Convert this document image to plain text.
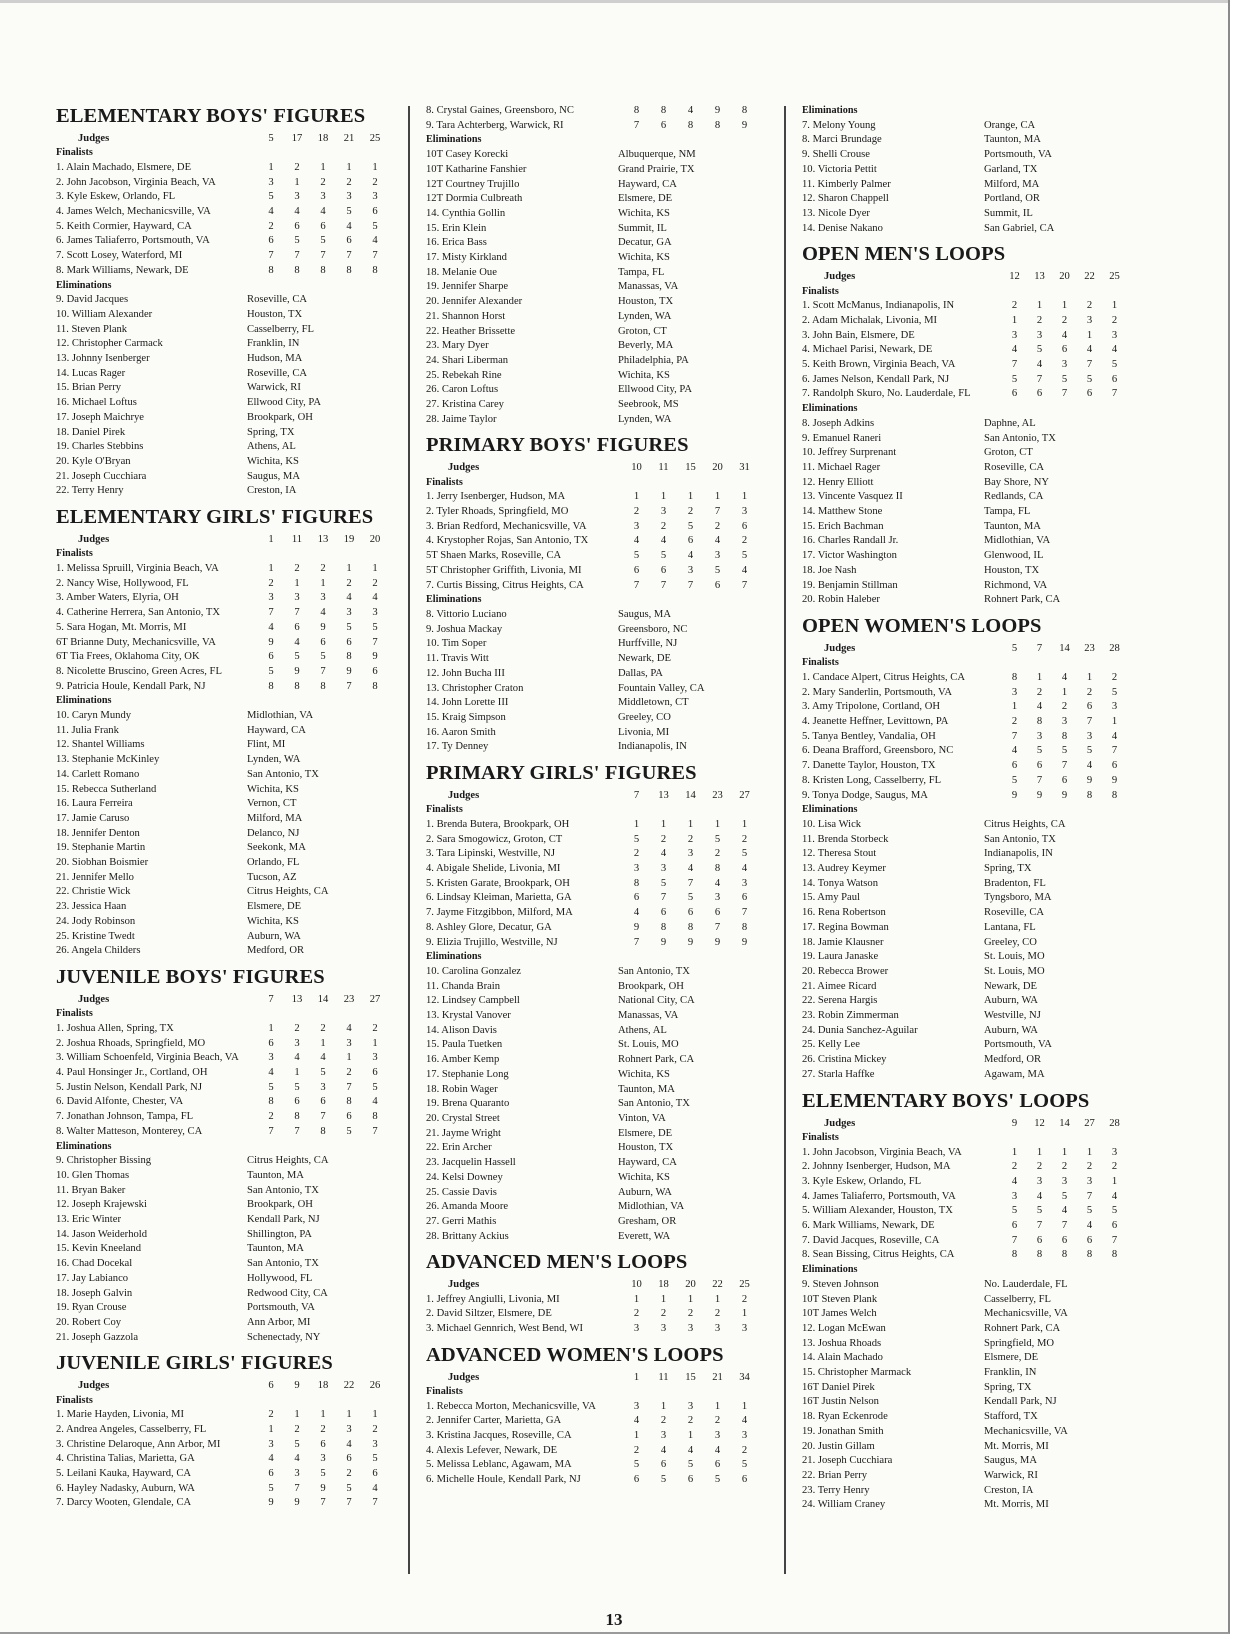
ELEMENTARY BOYS' FIGURES
Judges	5	17	18	21	25
Finalists
1. Alain Machado, Elsmere, DE	1	2	1	1	1
2. John Jacobson, Virginia Beach, VA	3	1	2	2	2
3. Kyle Eskew, Orlando, FL	5	3	3	3	3
4. James Welch, Mechanicsville, VA	4	4	4	5	6
5. Keith Cormier, Hayward, CA	2	6	6	4	5
6. James Taliaferro, Portsmouth, VA	6	5	5	6	4
7. Scott Losey, Waterford, MI	7	7	7	7	7
8. Mark Williams, Newark, DE	8	8	8	8	8
Eliminations
9. David Jacques	Roseville, CA
10. William Alexander	Houston, TX
11. Steven Plank	Casselberry, FL
12. Christopher Carmack	Franklin, IN
13. Johnny Isenberger	Hudson, MA
14. Lucas Rager	Roseville, CA
15. Brian Perry	Warwick, RI
16. Michael Loftus	Ellwood City, PA
17. Joseph Maichrye	Brookpark, OH
18. Daniel Pirek	Spring, TX
19. Charles Stebbins	Athens, AL
20. Kyle O'Bryan	Wichita, KS
21. Joseph Cucchiara	Saugus, MA
22. Terry Henry	Creston, IA
ELEMENTARY GIRLS' FIGURES
Judges	1	11	13	19	20
Finalists
1. Melissa Spruill, Virginia Beach, VA	1	2	2	1	1
2. Nancy Wise, Hollywood, FL	2	1	1	2	2
3. Amber Waters, Elyria, OH	3	3	3	4	4
4. Catherine Herrera, San Antonio, TX	7	7	4	3	3
5. Sara Hogan, Mt. Morris, MI	4	6	9	5	5
6T Brianne Duty, Mechanicsville, VA	9	4	6	6	7
6T Tia Frees, Oklahoma City, OK	6	5	5	8	9
8. Nicolette Bruscino, Green Acres, FL	5	9	7	9	6
9. Patricia Houle, Kendall Park, NJ	8	8	8	7	8
Eliminations
10. Caryn Mundy	Midlothian, VA
11. Julia Frank	Hayward, CA
12. Shantel Williams	Flint, MI
13. Stephanie McKinley	Lynden, WA
14. Carlett Romano	San Antonio, TX
15. Rebecca Sutherland	Wichita, KS
16. Laura Ferreira	Vernon, CT
17. Jamie Caruso	Milford, MA
18. Jennifer Denton	Delanco, NJ
19. Stephanie Martin	Seekonk, MA
20. Siobhan Boismier	Orlando, FL
21. Jennifer Mello	Tucson, AZ
22. Christie Wick	Citrus Heights, CA
23. Jessica Haan	Elsmere, DE
24. Jody Robinson	Wichita, KS
25. Kristine Twedt	Auburn, WA
26. Angela Childers	Medford, OR
JUVENILE BOYS' FIGURES
Judges	7	13	14	23	27
Finalists
1. Joshua Allen, Spring, TX	1	2	2	4	2
2. Joshua Rhoads, Springfield, MO	6	3	1	3	1
3. William Schoenfeld, Virginia Beach, VA	3	4	4	1	3
4. Paul Honsinger Jr., Cortland, OH	4	1	5	2	6
5. Justin Nelson, Kendall Park, NJ	5	5	3	7	5
6. David Alfonte, Chester, VA	8	6	6	8	4
7. Jonathan Johnson, Tampa, FL	2	8	7	6	8
8. Walter Matteson, Monterey, CA	7	7	8	5	7
Eliminations
9. Christopher Bissing	Citrus Heights, CA
10. Glen Thomas	Taunton, MA
11. Bryan Baker	San Antonio, TX
12. Joseph Krajewski	Brookpark, OH
13. Eric Winter	Kendall Park, NJ
14. Jason Weiderhold	Shillington, PA
15. Kevin Kneeland	Taunton, MA
16. Chad Docekal	San Antonio, TX
17. Jay Labianco	Hollywood, FL
18. Joseph Galvin	Redwood City, CA
19. Ryan Crouse	Portsmouth, VA
20. Robert Coy	Ann Arbor, MI
21. Joseph Gazzola	Schenectady, NY
JUVENILE GIRLS' FIGURES
Judges	6	9	18	22	26
Finalists
1. Marie Hayden, Livonia, MI	2	1	1	1	1
2. Andrea Angeles, Casselberry, FL	1	2	2	3	2
3. Christine Delaroque, Ann Arbor, MI	3	5	6	4	3
4. Christina Talias, Marietta, GA	4	4	3	6	5
5. Leilani Kauka, Hayward, CA	6	3	5	2	6
6. Hayley Nadasky, Auburn, WA	5	7	9	5	4
7. Darcy Wooten, Glendale, CA	9	9	7	7	7
8. Crystal Gaines, Greensboro, NC	8	8	4	9	8
9. Tara Achterberg, Warwick, RI	7	6	8	8	9
Eliminations
10T Casey Korecki	Albuquerque, NM
10T Katharine Fanshier	Grand Prairie, TX
12T Courtney Trujillo	Hayward, CA
12T Dormia Culbreath	Elsmere, DE
14. Cynthia Gollin	Wichita, KS
15. Erin Klein	Summit, IL
16. Erica Bass	Decatur, GA
17. Misty Kirkland	Wichita, KS
18. Melanie Oue	Tampa, FL
19. Jennifer Sharpe	Manassas, VA
20. Jennifer Alexander	Houston, TX
21. Shannon Horst	Lynden, WA
22. Heather Brissette	Groton, CT
23. Mary Dyer	Beverly, MA
24. Shari Liberman	Philadelphia, PA
25. Rebekah Rine	Wichita, KS
26. Caron Loftus	Ellwood City, PA
27. Kristina Carey	Seebrook, MS
28. Jaime Taylor	Lynden, WA
PRIMARY BOYS' FIGURES
Judges	10	11	15	20	31
Finalists
1. Jerry Isenberger, Hudson, MA	1	1	1	1	1
2. Tyler Rhoads, Springfield, MO	2	3	2	7	3
3. Brian Redford, Mechanicsville, VA	3	2	5	2	6
4. Krystopher Rojas, San Antonio, TX	4	4	6	4	2
5T Shaen Marks, Roseville, CA	5	5	4	3	5
5T Christopher Griffith, Livonia, MI	6	6	3	5	4
7. Curtis Bissing, Citrus Heights, CA	7	7	7	6	7
Eliminations
8. Vittorio Luciano	Saugus, MA
9. Joshua Mackay	Greensboro, NC
10. Tim Soper	Hurffville, NJ
11. Travis Witt	Newark, DE
12. John Bucha III	Dallas, PA
13. Christopher Craton	Fountain Valley, CA
14. John Lorette III	Middletown, CT
15. Kraig Simpson	Greeley, CO
16. Aaron Smith	Livonia, MI
17. Ty Denney	Indianapolis, IN
PRIMARY GIRLS' FIGURES
Judges	7	13	14	23	27
Finalists
1. Brenda Butera, Brookpark, OH	1	1	1	1	1
2. Sara Smogowicz, Groton, CT	5	2	2	5	2
3. Tara Lipinski, Westville, NJ	2	4	3	2	5
4. Abigale Shelide, Livonia, MI	3	3	4	8	4
5. Kristen Garate, Brookpark, OH	8	5	7	4	3
6. Lindsay Kleiman, Marietta, GA	6	7	5	3	6
7. Jayme Fitzgibbon, Milford, MA	4	6	6	6	7
8. Ashley Glore, Decatur, GA	9	8	8	7	8
9. Elizia Trujillo, Westville, NJ	7	9	9	9	9
Eliminations
10. Carolina Gonzalez	San Antonio, TX
11. Chanda Brain	Brookpark, OH
12. Lindsey Campbell	National City, CA
13. Krystal Vanover	Manassas, VA
14. Alison Davis	Athens, AL
15. Paula Tuetken	St. Louis, MO
16. Amber Kemp	Rohnert Park, CA
17. Stephanie Long	Wichita, KS
18. Robin Wager	Taunton, MA
19. Brena Quaranto	San Antonio, TX
20. Crystal Street	Vinton, VA
21. Jayme Wright	Elsmere, DE
22. Erin Archer	Houston, TX
23. Jacquelin Hassell	Hayward, CA
24. Kelsi Downey	Wichita, KS
25. Cassie Davis	Auburn, WA
26. Amanda Moore	Midlothian, VA
27. Gerri Mathis	Gresham, OR
28. Brittany Ackius	Everett, WA
ADVANCED MEN'S LOOPS
Judges	10	18	20	22	25
1. Jeffrey Angiulli, Livonia, MI	1	1	1	1	2
2. David Siltzer, Elsmere, DE	2	2	2	2	1
3. Michael Gennrich, West Bend, WI	3	3	3	3	3
ADVANCED WOMEN'S LOOPS
Judges	1	11	15	21	34
Finalists
1. Rebecca Morton, Mechanicsville, VA	3	1	3	1	1
2. Jennifer Carter, Marietta, GA	4	2	2	2	4
3. Kristina Jacques, Roseville, CA	1	3	1	3	3
4. Alexis Lefever, Newark, DE	2	4	4	4	2
5. Melissa Leblanc, Agawam, MA	5	6	5	6	5
6. Michelle Houle, Kendall Park, NJ	6	5	6	5	6
Eliminations
7. Melony Young	Orange, CA
8. Marci Brundage	Taunton, MA
9. Shelli Crouse	Portsmouth, VA
10. Victoria Pettit	Garland, TX
11. Kimberly Palmer	Milford, MA
12. Sharon Chappell	Portland, OR
13. Nicole Dyer	Summit, IL
14. Denise Nakano	San Gabriel, CA
OPEN MEN'S LOOPS
Judges	12	13	20	22	25
Finalists
1. Scott McManus, Indianapolis, IN	2	1	1	2	1
2. Adam Michalak, Livonia, MI	1	2	2	3	2
3. John Bain, Elsmere, DE	3	3	4	1	3
4. Michael Parisi, Newark, DE	4	5	6	4	4
5. Keith Brown, Virginia Beach, VA	7	4	3	7	5
6. James Nelson, Kendall Park, NJ	5	7	5	5	6
7. Randolph Skuro, No. Lauderdale, FL	6	6	7	6	7
Eliminations
8. Joseph Adkins	Daphne, AL
9. Emanuel Raneri	San Antonio, TX
10. Jeffrey Surprenant	Groton, CT
11. Michael Rager	Roseville, CA
12. Henry Elliott	Bay Shore, NY
13. Vincente Vasquez II	Redlands, CA
14. Matthew Stone	Tampa, FL
15. Erich Bachman	Taunton, MA
16. Charles Randall Jr.	Midlothian, VA
17. Victor Washington	Glenwood, IL
18. Joe Nash	Houston, TX
19. Benjamin Stillman	Richmond, VA
20. Robin Haleber	Rohnert Park, CA
OPEN WOMEN'S LOOPS
Judges	5	7	14	23	28
Finalists
1. Candace Alpert, Citrus Heights, CA	8	1	4	1	2
2. Mary Sanderlin, Portsmouth, VA	3	2	1	2	5
3. Amy Tripolone, Cortland, OH	1	4	2	6	3
4. Jeanette Heffner, Levittown, PA	2	8	3	7	1
5. Tanya Bentley, Vandalia, OH	7	3	8	3	4
6. Deana Brafford, Greensboro, NC	4	5	5	5	7
7. Danette Taylor, Houston, TX	6	6	7	4	6
8. Kristen Long, Casselberry, FL	5	7	6	9	9
9. Tonya Dodge, Saugus, MA	9	9	9	8	8
Eliminations
10. Lisa Wick	Citrus Heights, CA
11. Brenda Storbeck	San Antonio, TX
12. Theresa Stout	Indianapolis, IN
13. Audrey Keymer	Spring, TX
14. Tonya Watson	Bradenton, FL
15. Amy Paul	Tyngsboro, MA
16. Rena Robertson	Roseville, CA
17. Regina Bowman	Lantana, FL
18. Jamie Klausner	Greeley, CO
19. Laura Janaske	St. Louis, MO
20. Rebecca Brower	St. Louis, MO
21. Aimee Ricard	Newark, DE
22. Serena Hargis	Auburn, WA
23. Robin Zimmerman	Westville, NJ
24. Dunia Sanchez-Aguilar	Auburn, WA
25. Kelly Lee	Portsmouth, VA
26. Cristina Mickey	Medford, OR
27. Starla Haffke	Agawam, MA
ELEMENTARY BOYS' LOOPS
Judges	9	12	14	27	28
Finalists
1. John Jacobson, Virginia Beach, VA	1	1	1	1	3
2. Johnny Isenberger, Hudson, MA	2	2	2	2	2
3. Kyle Eskew, Orlando, FL	4	3	3	3	1
4. James Taliaferro, Portsmouth, VA	3	4	5	7	4
5. William Alexander, Houston, TX	5	5	4	5	5
6. Mark Williams, Newark, DE	6	7	7	4	6
7. David Jacques, Roseville, CA	7	6	6	6	7
8. Sean Bissing, Citrus Heights, CA	8	8	8	8	8
Eliminations
9. Steven Johnson	No. Lauderdale, FL
10T Steven Plank	Casselberry, FL
10T James Welch	Mechanicsville, VA
12. Logan McEwan	Rohnert Park, CA
13. Joshua Rhoads	Springfield, MO
14. Alain Machado	Elsmere, DE
15. Christopher Marmack	Franklin, IN
16T Daniel Pirek	Spring, TX
16T Justin Nelson	Kendall Park, NJ
18. Ryan Eckenrode	Stafford, TX
19. Jonathan Smith	Mechanicsville, VA
20. Justin Gillam	Mt. Morris, MI
21. Joseph Cucchiara	Saugus, MA
22. Brian Perry	Warwick, RI
23. Terry Henry	Creston, IA
24. William Craney	Mt. Morris, MI
13
